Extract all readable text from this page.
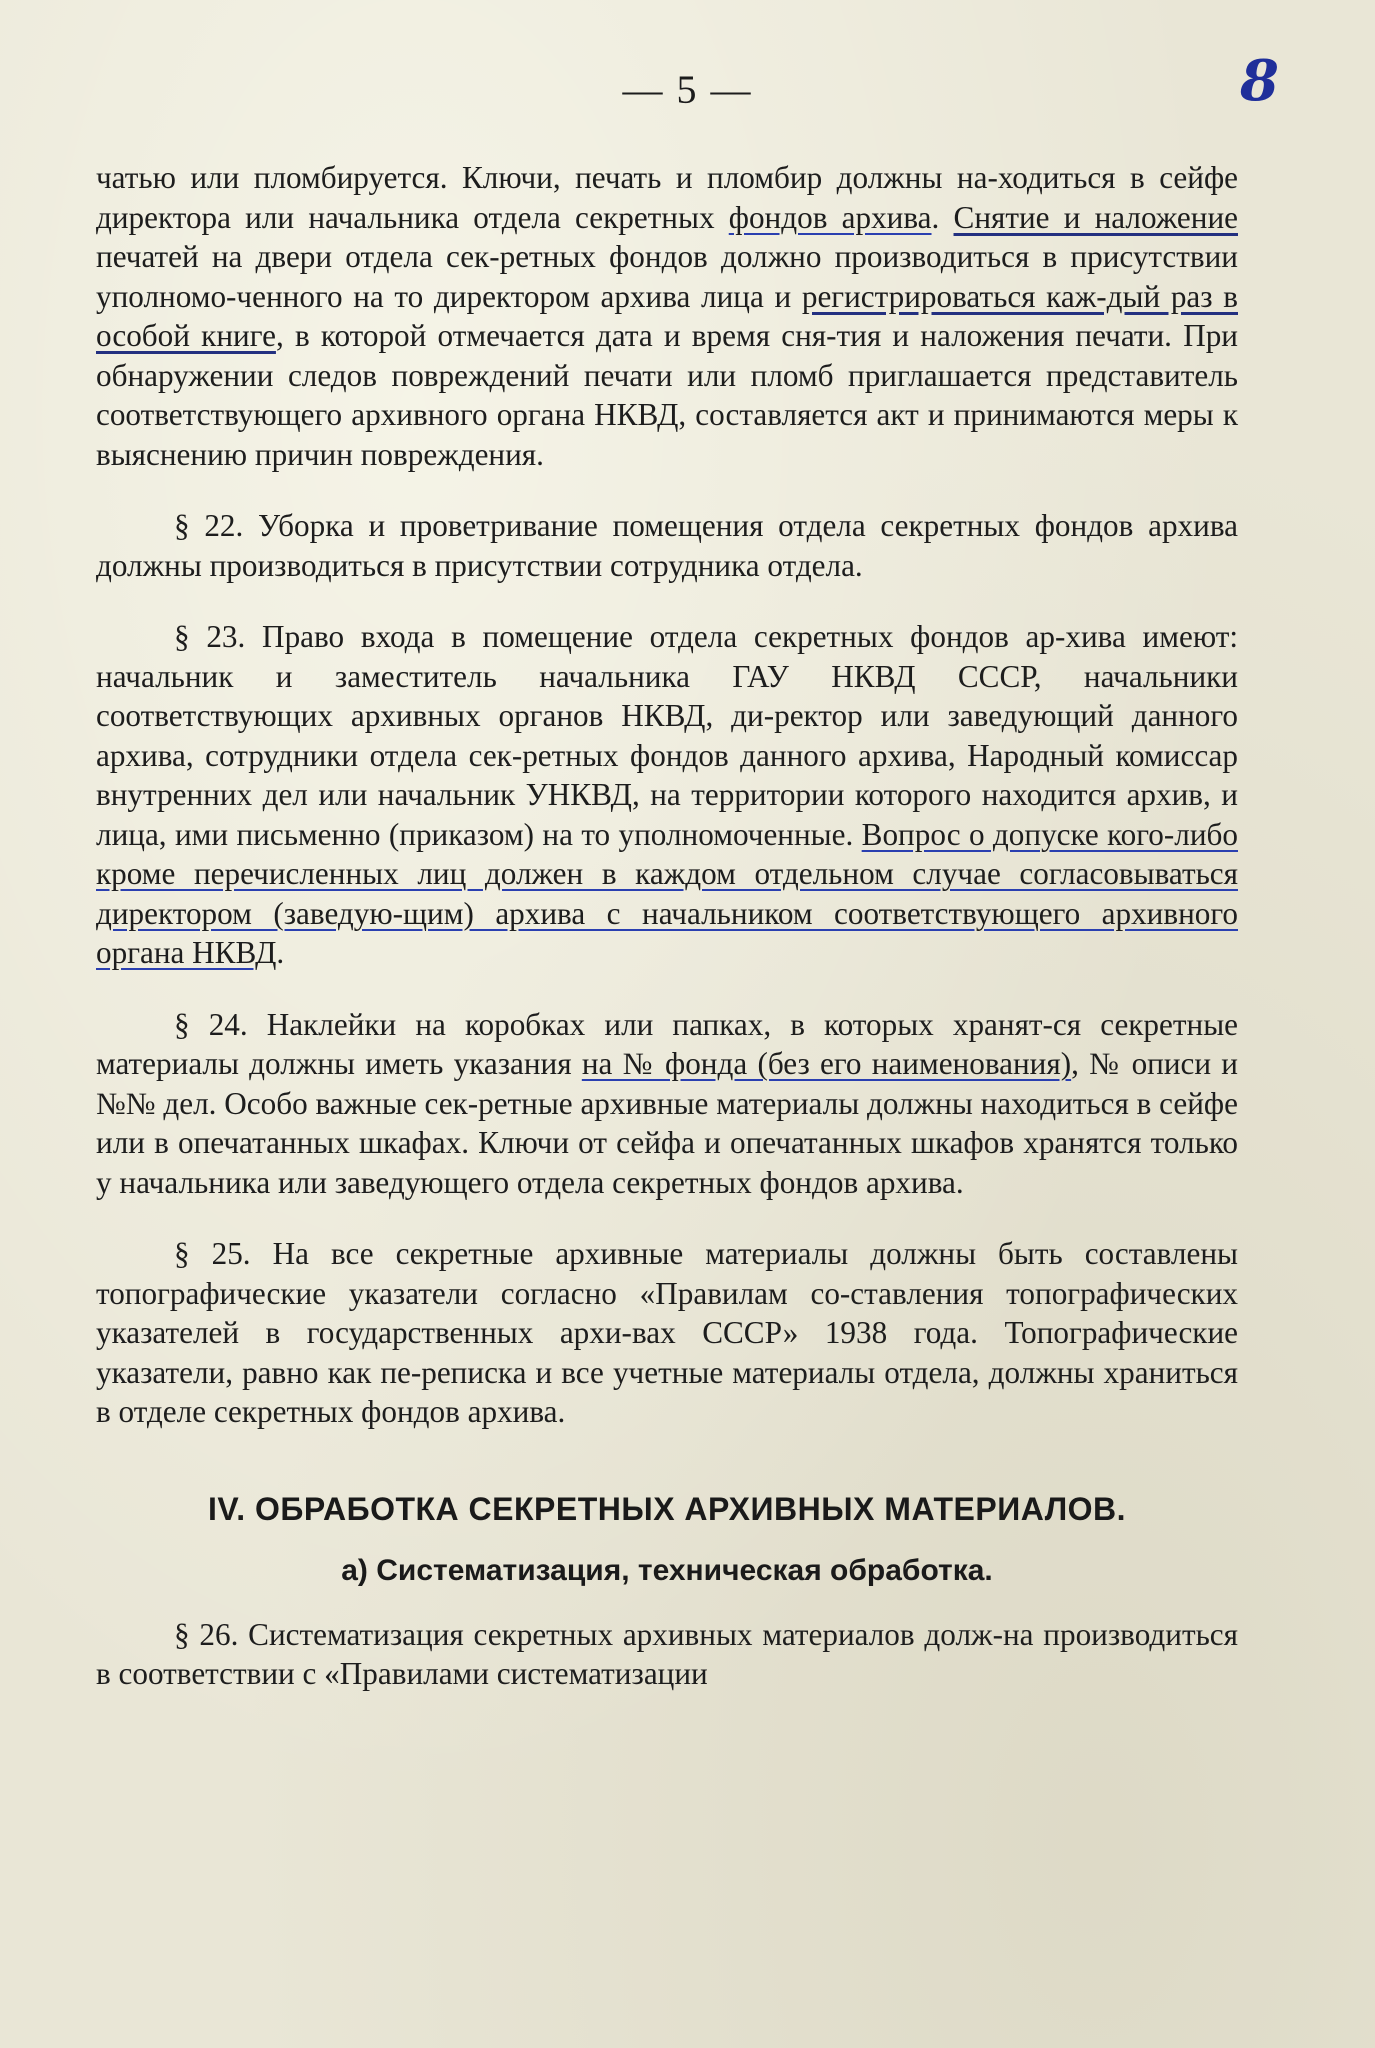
— 5 —	8

чатью или пломбируется. Ключи, печать и пломбир должны на-ходиться в сейфе директора или начальника отдела секретных фондов архива. Снятие и наложение печатей на двери отдела сек-ретных фондов должно производиться в присутствии уполномо-ченного на то директором архива лица и регистрироваться каж-дый раз в особой книге, в которой отмечается дата и время сня-тия и наложения печати. При обнаружении следов повреждений печати или пломб приглашается представитель соответствующего архивного органа НКВД, составляется акт и принимаются меры к выяснению причин повреждения.

§ 22. Уборка и проветривание помещения отдела секретных фондов архива должны производиться в присутствии сотрудника отдела.

§ 23. Право входа в помещение отдела секретных фондов ар-хива имеют: начальник и заместитель начальника ГАУ НКВД СССР, начальники соответствующих архивных органов НКВД, ди-ректор или заведующий данного архива, сотрудники отдела сек-ретных фондов данного архива, Народный комиссар внутренних дел или начальник УНКВД, на территории которого находится архив, и лица, ими письменно (приказом) на то уполномоченные. Вопрос о допуске кого-либо кроме перечисленных лиц должен в каждом отдельном случае согласовываться директором (заведую-щим) архива с начальником соответствующего архивного органа НКВД.

§ 24. Наклейки на коробках или папках, в которых хранят-ся секретные материалы должны иметь указания на № фонда (без его наименования), № описи и №№ дел. Особо важные сек-ретные архивные материалы должны находиться в сейфе или в опечатанных шкафах. Ключи от сейфа и опечатанных шкафов хранятся только у начальника или заведующего отдела секретных фондов архива.

§ 25. На все секретные архивные материалы должны быть составлены топографические указатели согласно «Правилам со-ставления топографических указателей в государственных архи-вах СССР» 1938 года. Топографические указатели, равно как пе-реписка и все учетные материалы отдела, должны храниться в отделе секретных фондов архива.

IV. ОБРАБОТКА СЕКРЕТНЫХ АРХИВНЫХ МАТЕРИАЛОВ.
а) Систематизация, техническая обработка.

§ 26. Систематизация секретных архивных материалов долж-на производиться в соответствии с «Правилами систематизации
